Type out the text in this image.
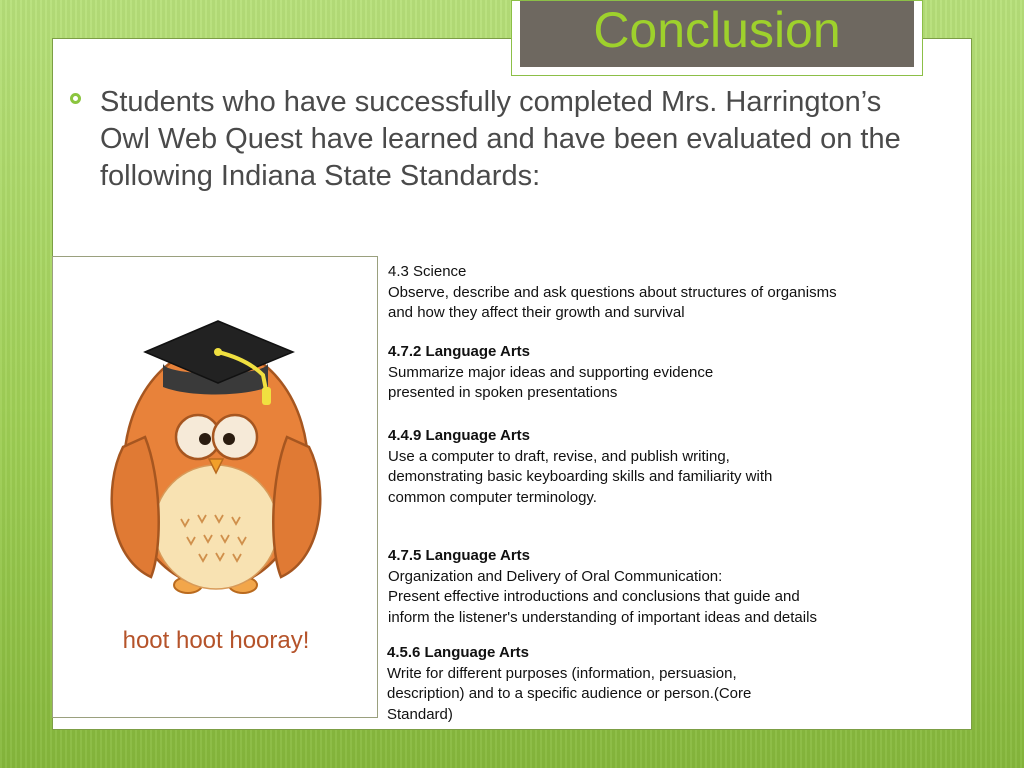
Conclusion
Students who have successfully completed Mrs. Harrington’s Owl Web Quest have learned and have been evaluated on the following Indiana State Standards:
hoot hoot hooray!
4.3 Science
Observe, describe and ask questions about structures of organisms
and how they affect their growth and survival
4.7.2 Language Arts
Summarize major ideas and supporting evidence
presented in spoken presentations
4.4.9 Language Arts
Use a computer to draft, revise, and publish writing,
demonstrating basic keyboarding skills and familiarity with
common computer terminology.
4.7.5 Language Arts
Organization and Delivery of Oral Communication:
Present effective introductions and conclusions that guide and
inform the listener's understanding of important ideas and details
4.5.6 Language Arts
Write for different purposes (information, persuasion,
description) and to a specific audience or person.(Core
Standard)
